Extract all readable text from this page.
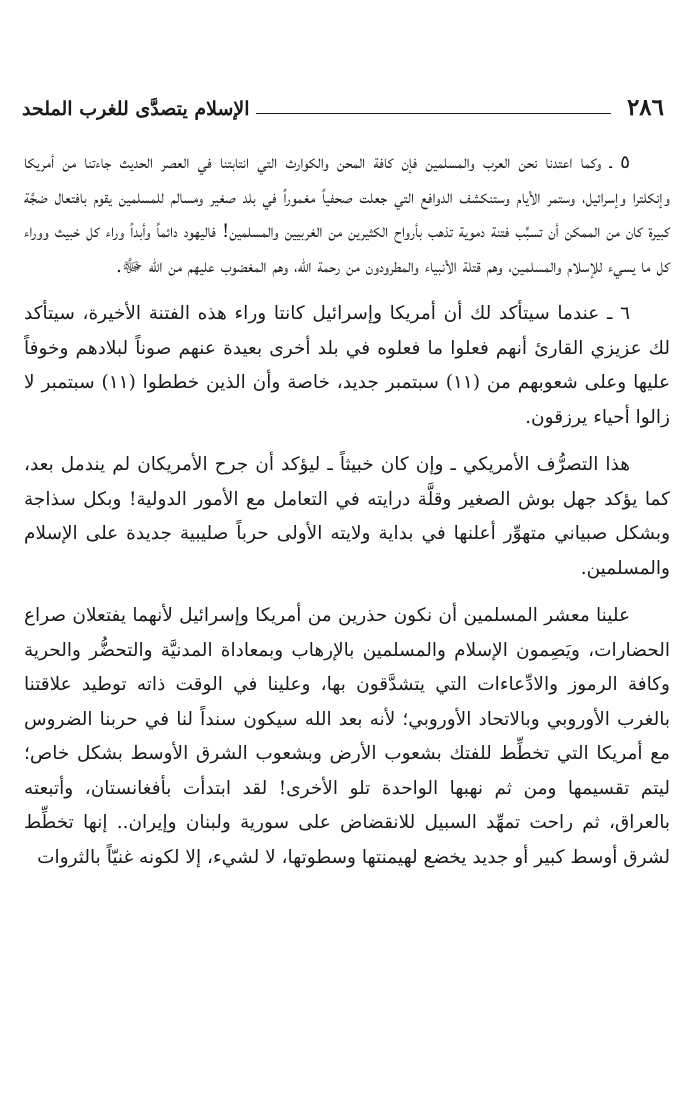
٢٨٦
الإسلام يتصدَّى للغرب الملحد

٥ ـ وكما اعتدنا نحن العرب والمسلمين فإن كافة المحن والكوارث التي انتابتنا في العصر الحديث جاءتنا من أمريكا وإنكلترا وإسرائيل، وستمر الأيام وستنكشف الدوافع التي جعلت صحفياً مغموراً في بلد صغير ومسالم للمسلمين يقوم بافتعال ضجَّة كبيرة كان من الممكن أن تسبِّب فتنة دموية تذهب بأرواح الكثيرين من الغربيين والمسلمين! فاليهود دائماً وأبداً وراء كل خبيث ووراء كل ما يسيء للإسلام والمسلمين، وهم قتلة الأنبياء والمطرودون من رحمة الله، وهم المغضوب عليهم من الله ﷻ.

٦ ـ عندما سيتأكد لك أن أمريكا وإسرائيل كانتا وراء هذه الفتنة الأخيرة، سيتأكد لك عزيزي القارئ أنهم فعلوا ما فعلوه في بلد أخرى بعيدة عنهم صوناً لبلادهم وخوفاً عليها وعلى شعوبهم من (١١) سبتمبر جديد، خاصة وأن الذين خططوا (١١) سبتمبر لا زالوا أحياء يرزقون.

هذا التصرُّف الأمريكي ـ وإن كان خبيثاً ـ ليؤكد أن جرح الأمريكان لم يندمل بعد، كما يؤكد جهل بوش الصغير وقلَّة درايته في التعامل مع الأمور الدولية! وبكل سذاجة وبشكل صبياني متهوِّر أعلنها في بداية ولايته الأولى حرباً صليبية جديدة على الإسلام والمسلمين.

علينا معشر المسلمين أن نكون حذرين من أمريكا وإسرائيل لأنهما يفتعلان صراع الحضارات، ويَصِمون الإسلام والمسلمين بالإرهاب وبمعاداة المدنيَّة والتحضُّر والحرية وكافة الرموز والادِّعاءات التي يتشدَّقون بها، وعلينا في الوقت ذاته توطيد علاقتنا بالغرب الأوروبي وبالاتحاد الأوروبي؛ لأنه بعد الله سيكون سنداً لنا في حربنا الضروس مع أمريكا التي تخطِّط للفتك بشعوب الأرض وبشعوب الشرق الأوسط بشكل خاص؛ ليتم تقسيمها ومن ثم نهبها الواحدة تلو الأخرى! لقد ابتدأت بأفغانستان، وأتبعته بالعراق، ثم راحت تمهِّد السبيل للانقضاض على سورية ولبنان وإيران.. إنها تخطِّط لشرق أوسط كبير أو جديد يخضع لهيمنتها وسطوتها، لا لشيء، إلا لكونه غنيّاً بالثروات
